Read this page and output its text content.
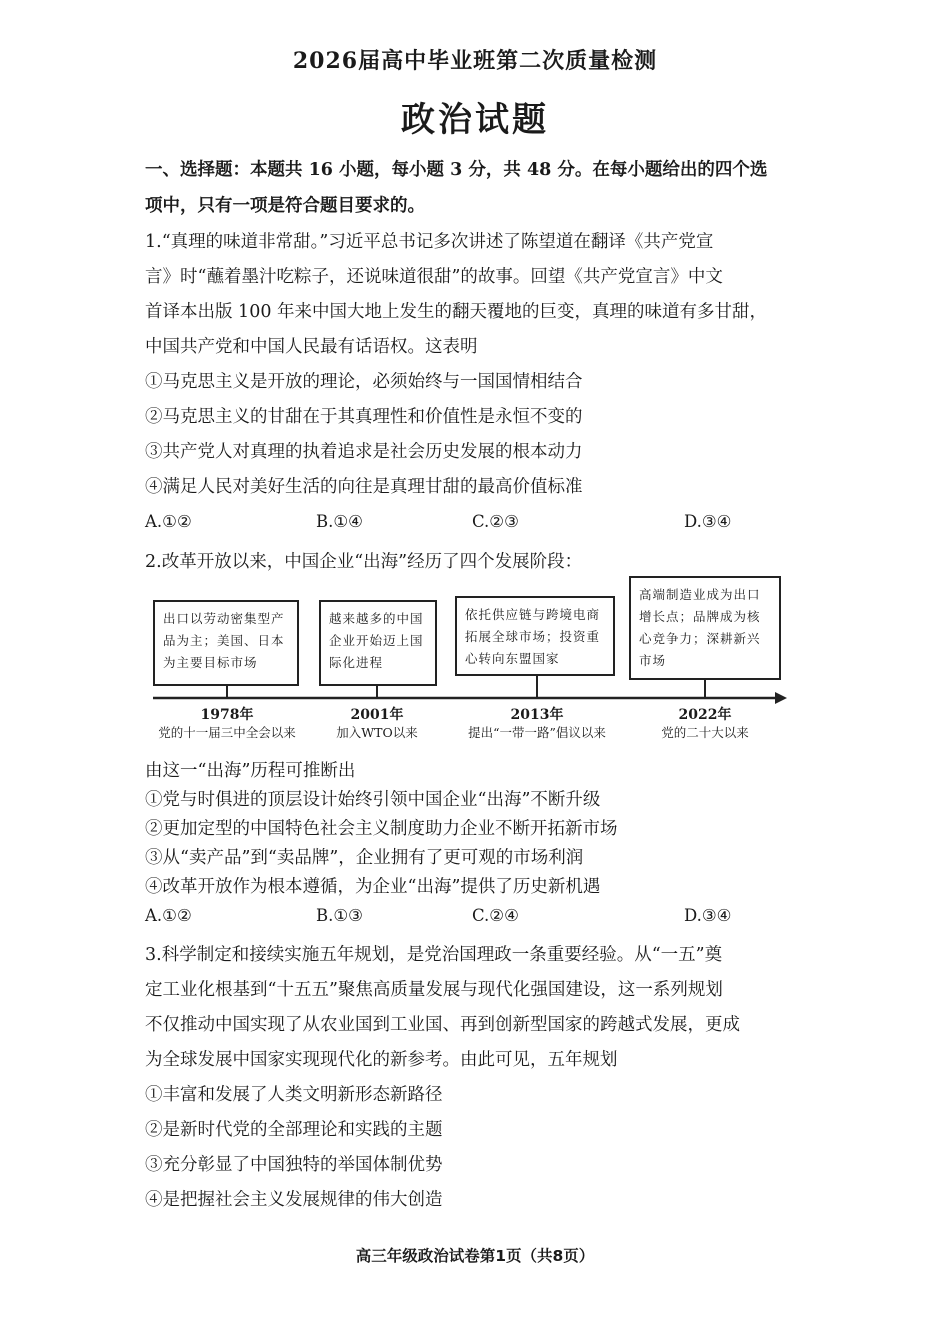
2026届高中毕业班第二次质量检测
政治试题
一、选择题：本题共 16 小题，每小题 3 分，共 48 分。在每小题给出的四个选
项中，只有一项是符合题目要求的。
1.“真理的味道非常甜。”习近平总书记多次讲述了陈望道在翻译《共产党宣
言》时“蘸着墨汁吃粽子，还说味道很甜”的故事。回望《共产党宣言》中文
首译本出版 100 年来中国大地上发生的翻天覆地的巨变，真理的味道有多甘甜，
中国共产党和中国人民最有话语权。这表明
①马克思主义是开放的理论，必须始终与一国国情相结合
②马克思主义的甘甜在于其真理性和价值性是永恒不变的
③共产党人对真理的执着追求是社会历史发展的根本动力
④满足人民对美好生活的向往是真理甘甜的最高价值标准
A.①②	B.①④	C.②③	D.③④
2.改革开放以来，中国企业“出海”经历了四个发展阶段：
出口以劳动密集型产品为主；美国、日本为主要目标市场
越来越多的中国企业开始迈上国际化进程
依托供应链与跨境电商拓展全球市场；投资重心转向东盟国家
高端制造业成为出口增长点；品牌成为核心竞争力；深耕新兴市场
1978年	2001年	2013年	2022年
党的十一届三中全会以来	加入WTO以来	提出“一带一路”倡议以来	党的二十大以来
由这一“出海”历程可推断出
①党与时俱进的顶层设计始终引领中国企业“出海”不断升级
②更加定型的中国特色社会主义制度助力企业不断开拓新市场
③从“卖产品”到“卖品牌”，企业拥有了更可观的市场利润
④改革开放作为根本遵循，为企业“出海”提供了历史新机遇
A.①②	B.①③	C.②④	D.③④
3.科学制定和接续实施五年规划，是党治国理政一条重要经验。从“一五”奠
定工业化根基到“十五五”聚焦高质量发展与现代化强国建设，这一系列规划
不仅推动中国实现了从农业国到工业国、再到创新型国家的跨越式发展，更成
为全球发展中国家实现现代化的新参考。由此可见，五年规划
①丰富和发展了人类文明新形态新路径
②是新时代党的全部理论和实践的主题
③充分彰显了中国独特的举国体制优势
④是把握社会主义发展规律的伟大创造
高三年级政治试卷第1页（共8页）
